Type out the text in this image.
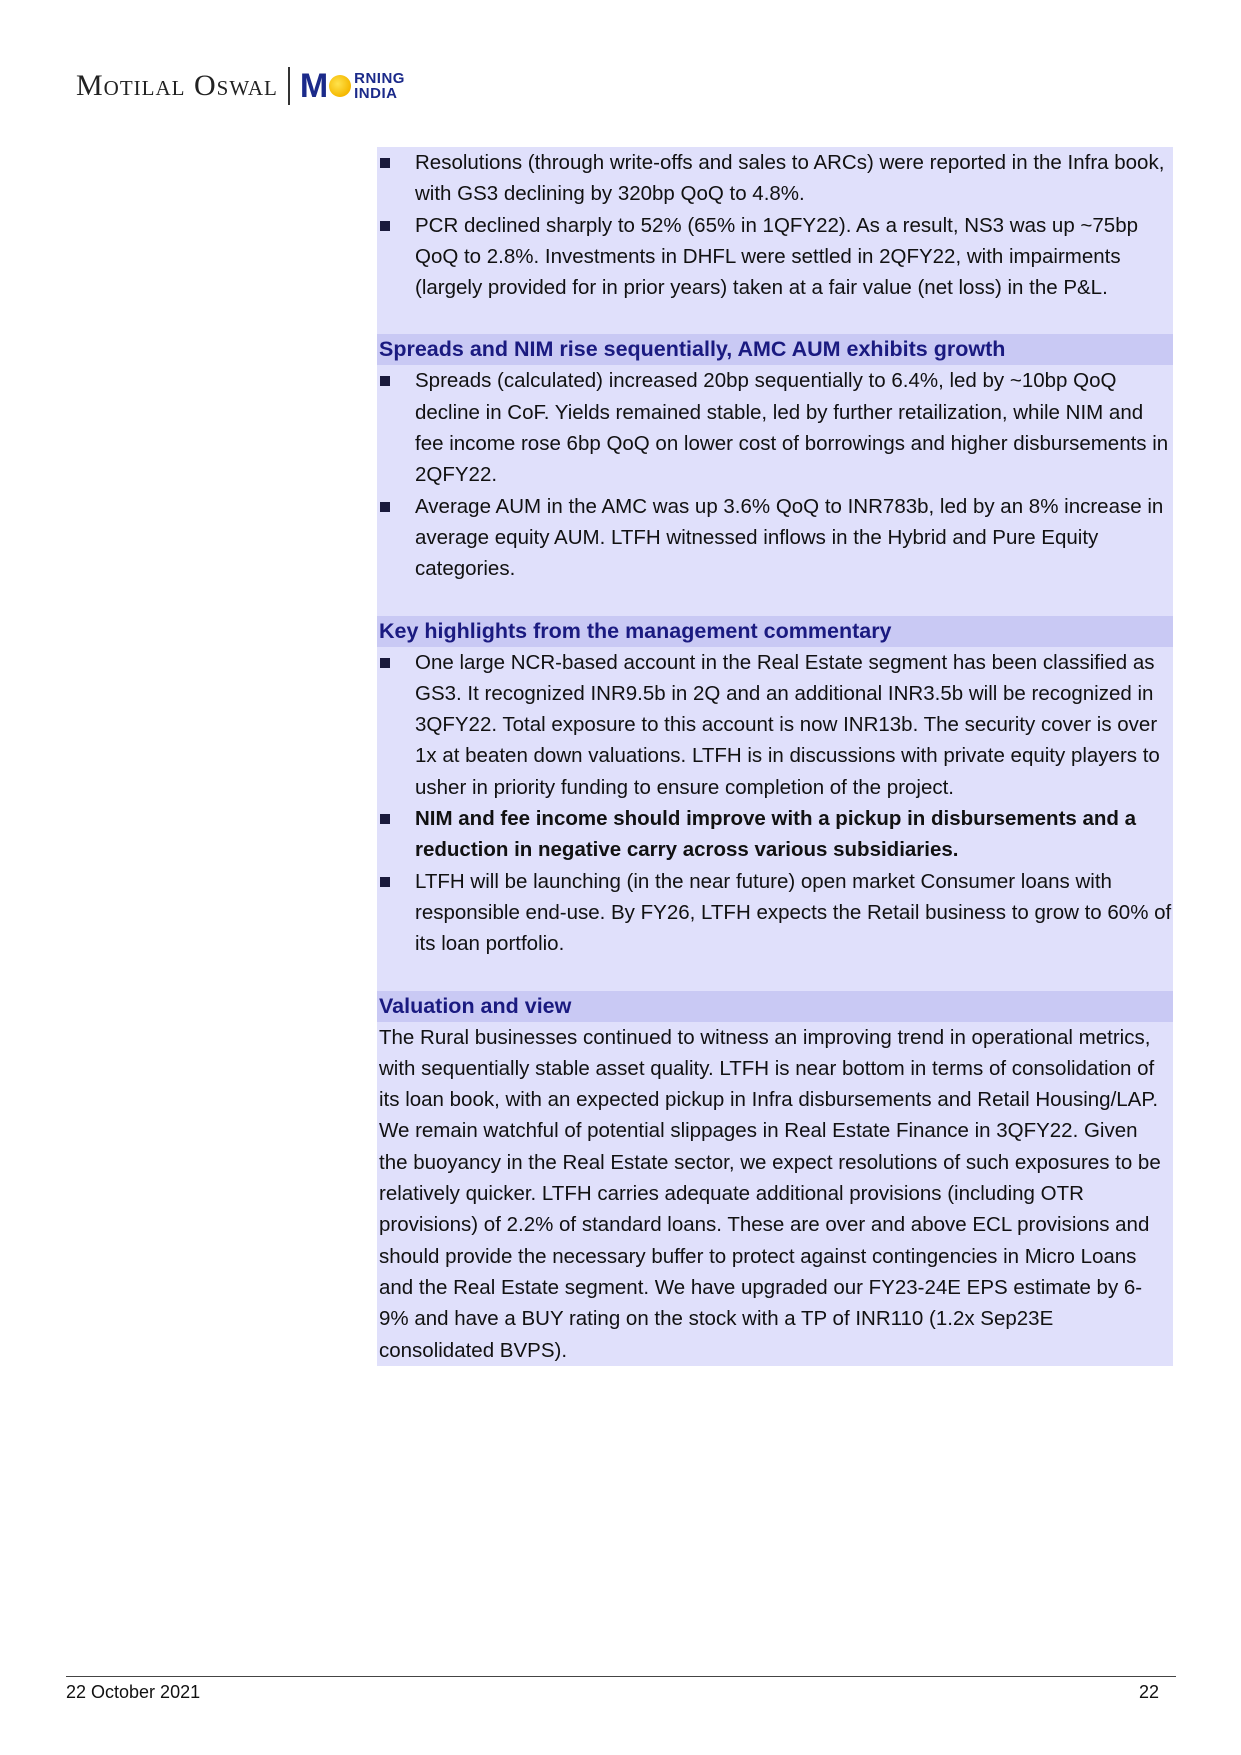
Motilal Oswal M RNING
INDIA
Resolutions (through write-offs and sales to ARCs) were reported in the Infra book, with GS3 declining by 320bp QoQ to 4.8%.
PCR declined sharply to 52% (65% in 1QFY22). As a result, NS3 was up ~75bp QoQ to 2.8%. Investments in DHFL were settled in 2QFY22, with impairments (largely provided for in prior years) taken at a fair value (net loss) in the P&L.
Spreads and NIM rise sequentially, AMC AUM exhibits growth
Spreads (calculated) increased 20bp sequentially to 6.4%, led by ~10bp QoQ decline in CoF. Yields remained stable, led by further retailization, while NIM and fee income rose 6bp QoQ on lower cost of borrowings and higher disbursements in 2QFY22.
Average AUM in the AMC was up 3.6% QoQ to INR783b, led by an 8% increase in average equity AUM. LTFH witnessed inflows in the Hybrid and Pure Equity categories.
Key highlights from the management commentary
One large NCR-based account in the Real Estate segment has been classified as GS3. It recognized INR9.5b in 2Q and an additional INR3.5b will be recognized in 3QFY22. Total exposure to this account is now INR13b. The security cover is over 1x at beaten down valuations. LTFH is in discussions with private equity players to usher in priority funding to ensure completion of the project.
NIM and fee income should improve with a pickup in disbursements and a reduction in negative carry across various subsidiaries.
LTFH will be launching (in the near future) open market Consumer loans with responsible end-use. By FY26, LTFH expects the Retail business to grow to 60% of its loan portfolio.
Valuation and view
The Rural businesses continued to witness an improving trend in operational metrics, with sequentially stable asset quality. LTFH is near bottom in terms of consolidation of its loan book, with an expected pickup in Infra disbursements and Retail Housing/LAP. We remain watchful of potential slippages in Real Estate Finance in 3QFY22. Given the buoyancy in the Real Estate sector, we expect resolutions of such exposures to be relatively quicker. LTFH carries adequate additional provisions (including OTR provisions) of 2.2% of standard loans. These are over and above ECL provisions and should provide the necessary buffer to protect against contingencies in Micro Loans and the Real Estate segment. We have upgraded our FY23-24E EPS estimate by 6-9% and have a BUY rating on the stock with a TP of INR110 (1.2x Sep23E consolidated BVPS).
22 October 2021	22
